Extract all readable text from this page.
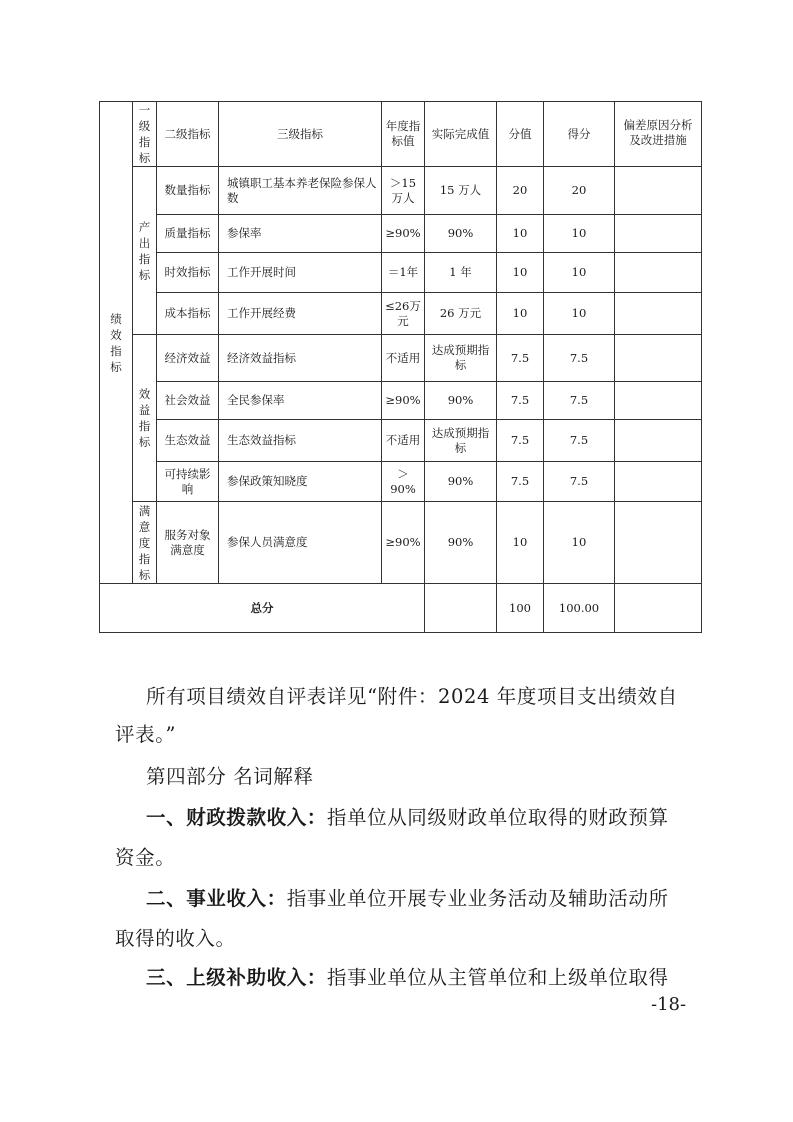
绩效指标	一级指标	二级指标	三级指标	年度指标值	实际完成值	分值	得分	偏差原因分析及改进措施
	产出指标	数量指标	城镇职工基本养老保险参保人数	＞15万人	15 万人	20	20	
		质量指标	参保率	≥90%	90%	10	10	
		时效指标	工作开展时间	＝1年	1 年	10	10	
		成本指标	工作开展经费	≤26万元	26 万元	10	10	
	效益指标	经济效益	经济效益指标	不适用	达成预期指标	7.5	7.5	
		社会效益	全民参保率	≥90%	90%	7.5	7.5	
		生态效益	生态效益指标	不适用	达成预期指标	7.5	7.5	
		可持续影响	参保政策知晓度	＞90%	90%	7.5	7.5	
	满意度指标	服务对象满意度	参保人员满意度	≥90%	90%	10	10	
总分						100	100.00	
所有项目绩效自评表详见“附件：2024 年度项目支出绩效自
评表。”
第四部分 名词解释
一、财政拨款收入：指单位从同级财政单位取得的财政预算
资金。
二、事业收入：指事业单位开展专业业务活动及辅助活动所
取得的收入。
三、上级补助收入：指事业单位从主管单位和上级单位取得
-18-
